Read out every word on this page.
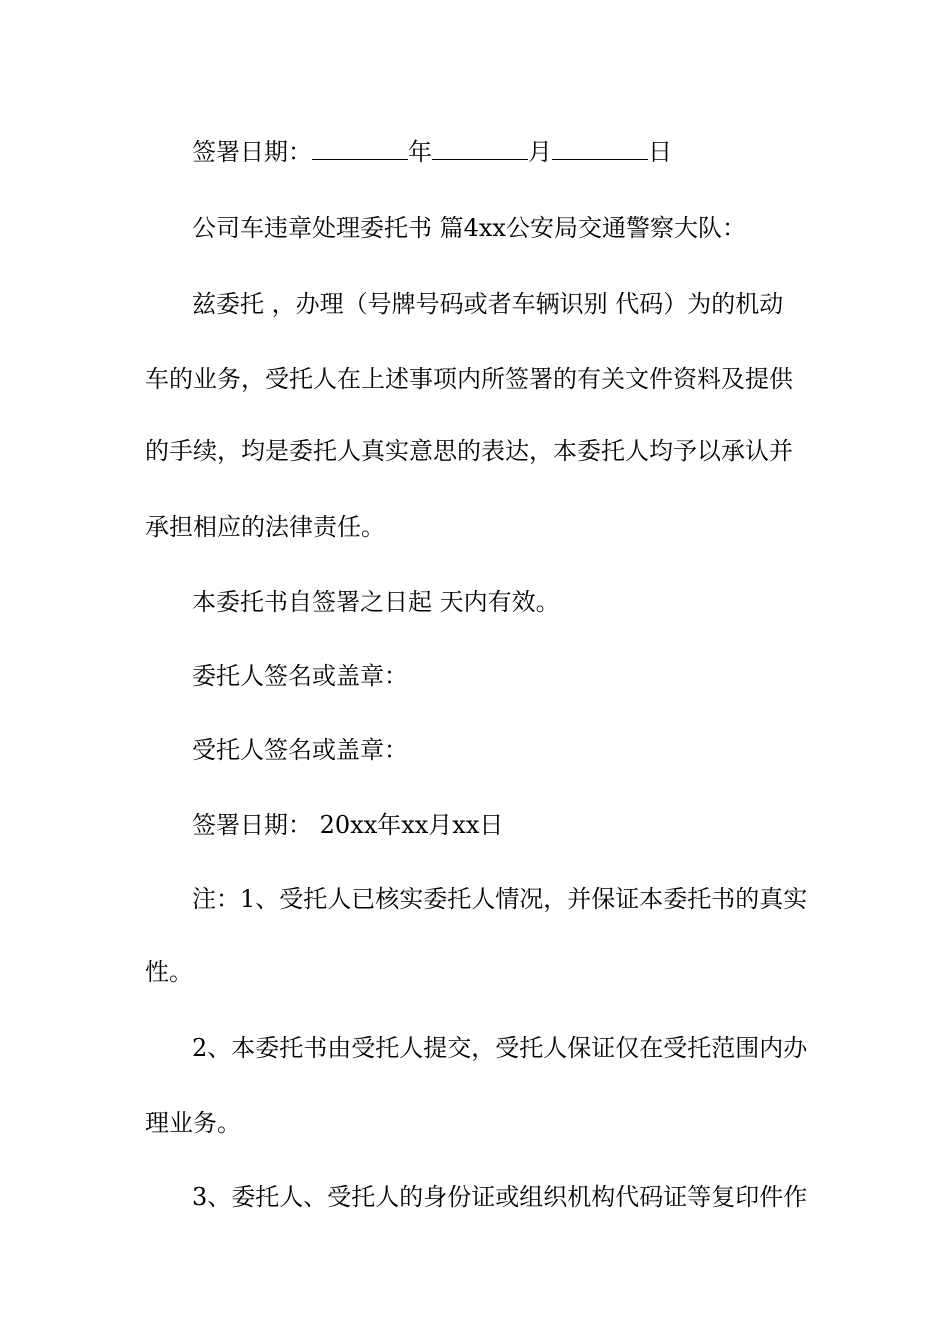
签署日期：	年	月	日
公司车违章处理委托书 篇4xx公安局交通警察大队：
兹委托 ，办理（号牌号码或者车辆识别 代码）为的机动
车的业务，受托人在上述事项内所签署的有关文件资料及提供
的手续，均是委托人真实意思的表达，本委托人均予以承认并
承担相应的法律责任。
本委托书自签署之日起 天内有效。
委托人签名或盖章：
受托人签名或盖章：
签署日期： 20xx年xx月xx日
注：1、受托人已核实委托人情况，并保证本委托书的真实
性。
2、本委托书由受托人提交，受托人保证仅在受托范围内办
理业务。
3、委托人、受托人的身份证或组织机构代码证等复印件作
